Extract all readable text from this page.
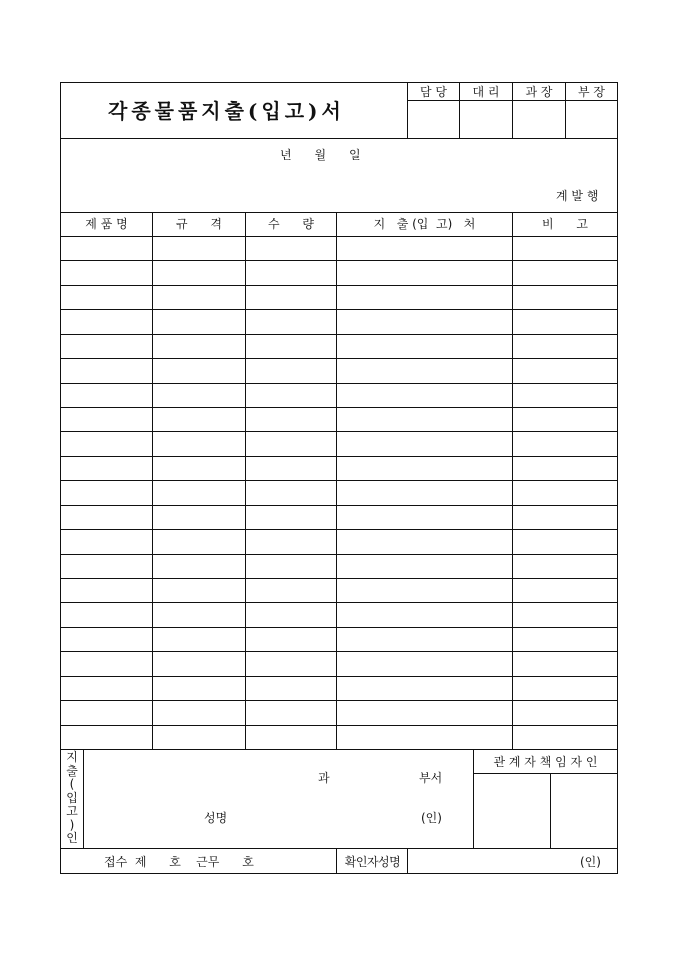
각종물품지출(입고)서
담 당	대 리	과 장	부 장
년      월      일
계 발 행
제 품 명	규      격	수      량	지   출 (입  고)   처	비      고
지
출
(
입
고
)
인
과	부서
성명	(인)
관 계 자 책 임 자 인
접수  제      호    근무      호	확인자성명	(인)
